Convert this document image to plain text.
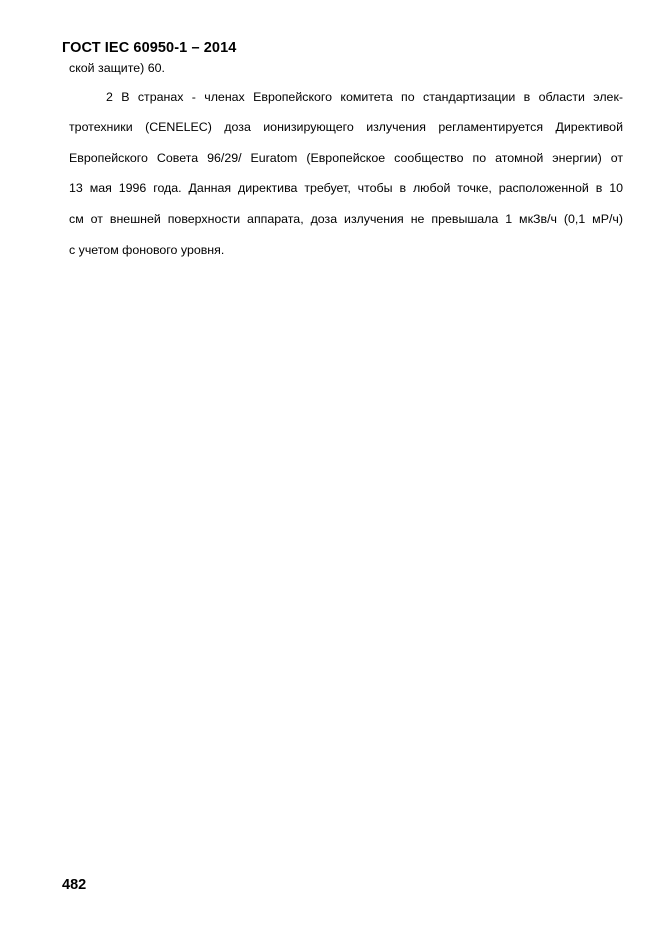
ГОСТ IEC 60950-1 – 2014
ской защите) 60.
2 В странах - членах Европейского комитета по стандартизации в области элек-
тротехники (CENELEC) доза ионизирующего излучения регламентируется Директивой
Европейского Совета 96/29/ Euratom (Европейское сообщество по атомной энергии) от
13 мая 1996 года. Данная директива требует, чтобы в любой точке, расположенной в 10
см от внешней поверхности аппарата, доза излучения не превышала 1 мкЗв/ч (0,1 мР/ч)
с учетом фонового уровня.
482
